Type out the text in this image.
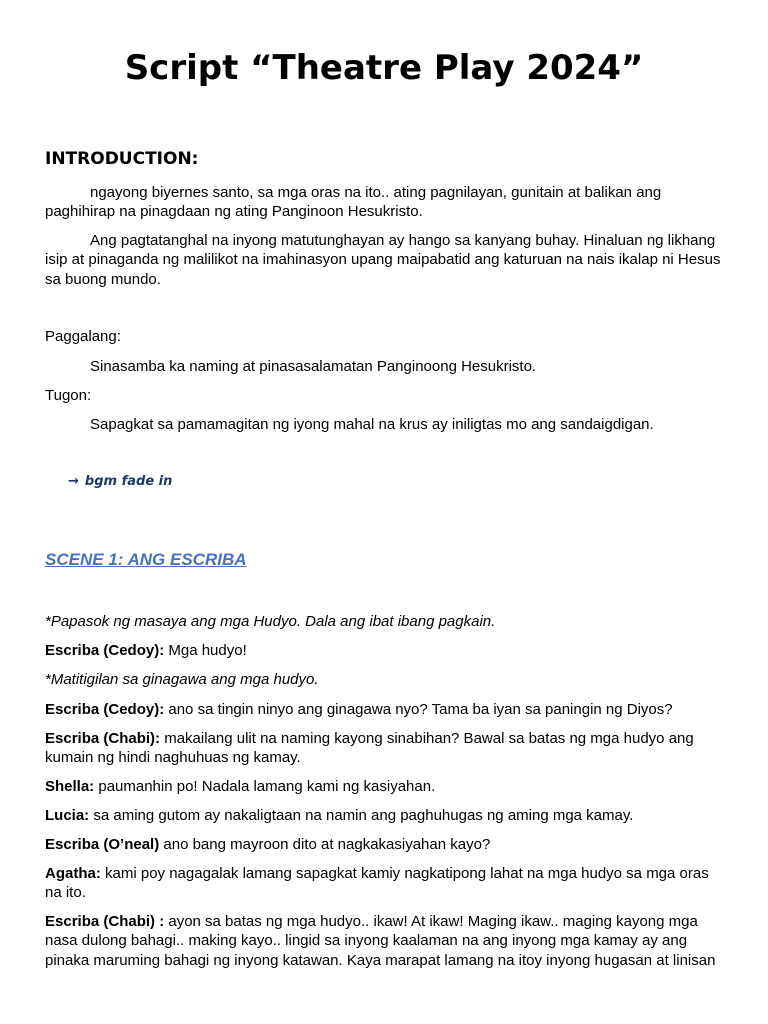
Script “Theatre Play 2024”
INTRODUCTION:

ngayong biyernes santo, sa mga oras na ito.. ating pagnilayan, gunitain at balikan ang paghihirap na pinagdaan ng ating Panginoon Hesukristo.

Ang pagtatanghal na inyong matutunghayan ay hango sa kanyang buhay. Hinaluan ng likhang isip at pinaganda ng malilikot na imahinasyon upang maipabatid ang katuruan na nais ikalap ni Hesus sa buong mundo.

Paggalang:
Sinasamba ka naming at pinasasalamatan Panginoong Hesukristo.
Tugon:
Sapagkat sa pamamagitan ng iyong mahal na krus ay iniligtas mo ang sandaigdigan.
→ bgm fade in
SCENE 1: ANG ESCRIBA

*Papasok ng masaya ang mga Hudyo. Dala ang ibat ibang pagkain.

Escriba (Cedoy): Mga hudyo!

*Matitigilan sa ginagawa ang mga hudyo.

Escriba (Cedoy): ano sa tingin ninyo ang ginagawa nyo? Tama ba iyan sa paningin ng Diyos?

Escriba (Chabi): makailang ulit na naming kayong sinabihan? Bawal sa batas ng mga hudyo ang kumain ng hindi naghuhuas ng kamay.

Shella: paumanhin po! Nadala lamang kami ng kasiyahan.

Lucia: sa aming gutom ay nakaligtaan na namin ang paghuhugas ng aming mga kamay.

Escriba (O’neal) ano bang mayroon dito at nagkakasiyahan kayo?

Agatha: kami poy nagagalak lamang sapagkat kamiy nagkatipong lahat na mga hudyo sa mga oras na ito.

Escriba (Chabi) : ayon sa batas ng mga hudyo.. ikaw! At ikaw! Maging ikaw.. maging kayong mga nasa dulong bahagi.. making kayo.. lingid sa inyong kaalaman na ang inyong mga kamay ay ang pinaka maruming bahagi ng inyong katawan. Kaya marapat lamang na itoy inyong hugasan at linisan
